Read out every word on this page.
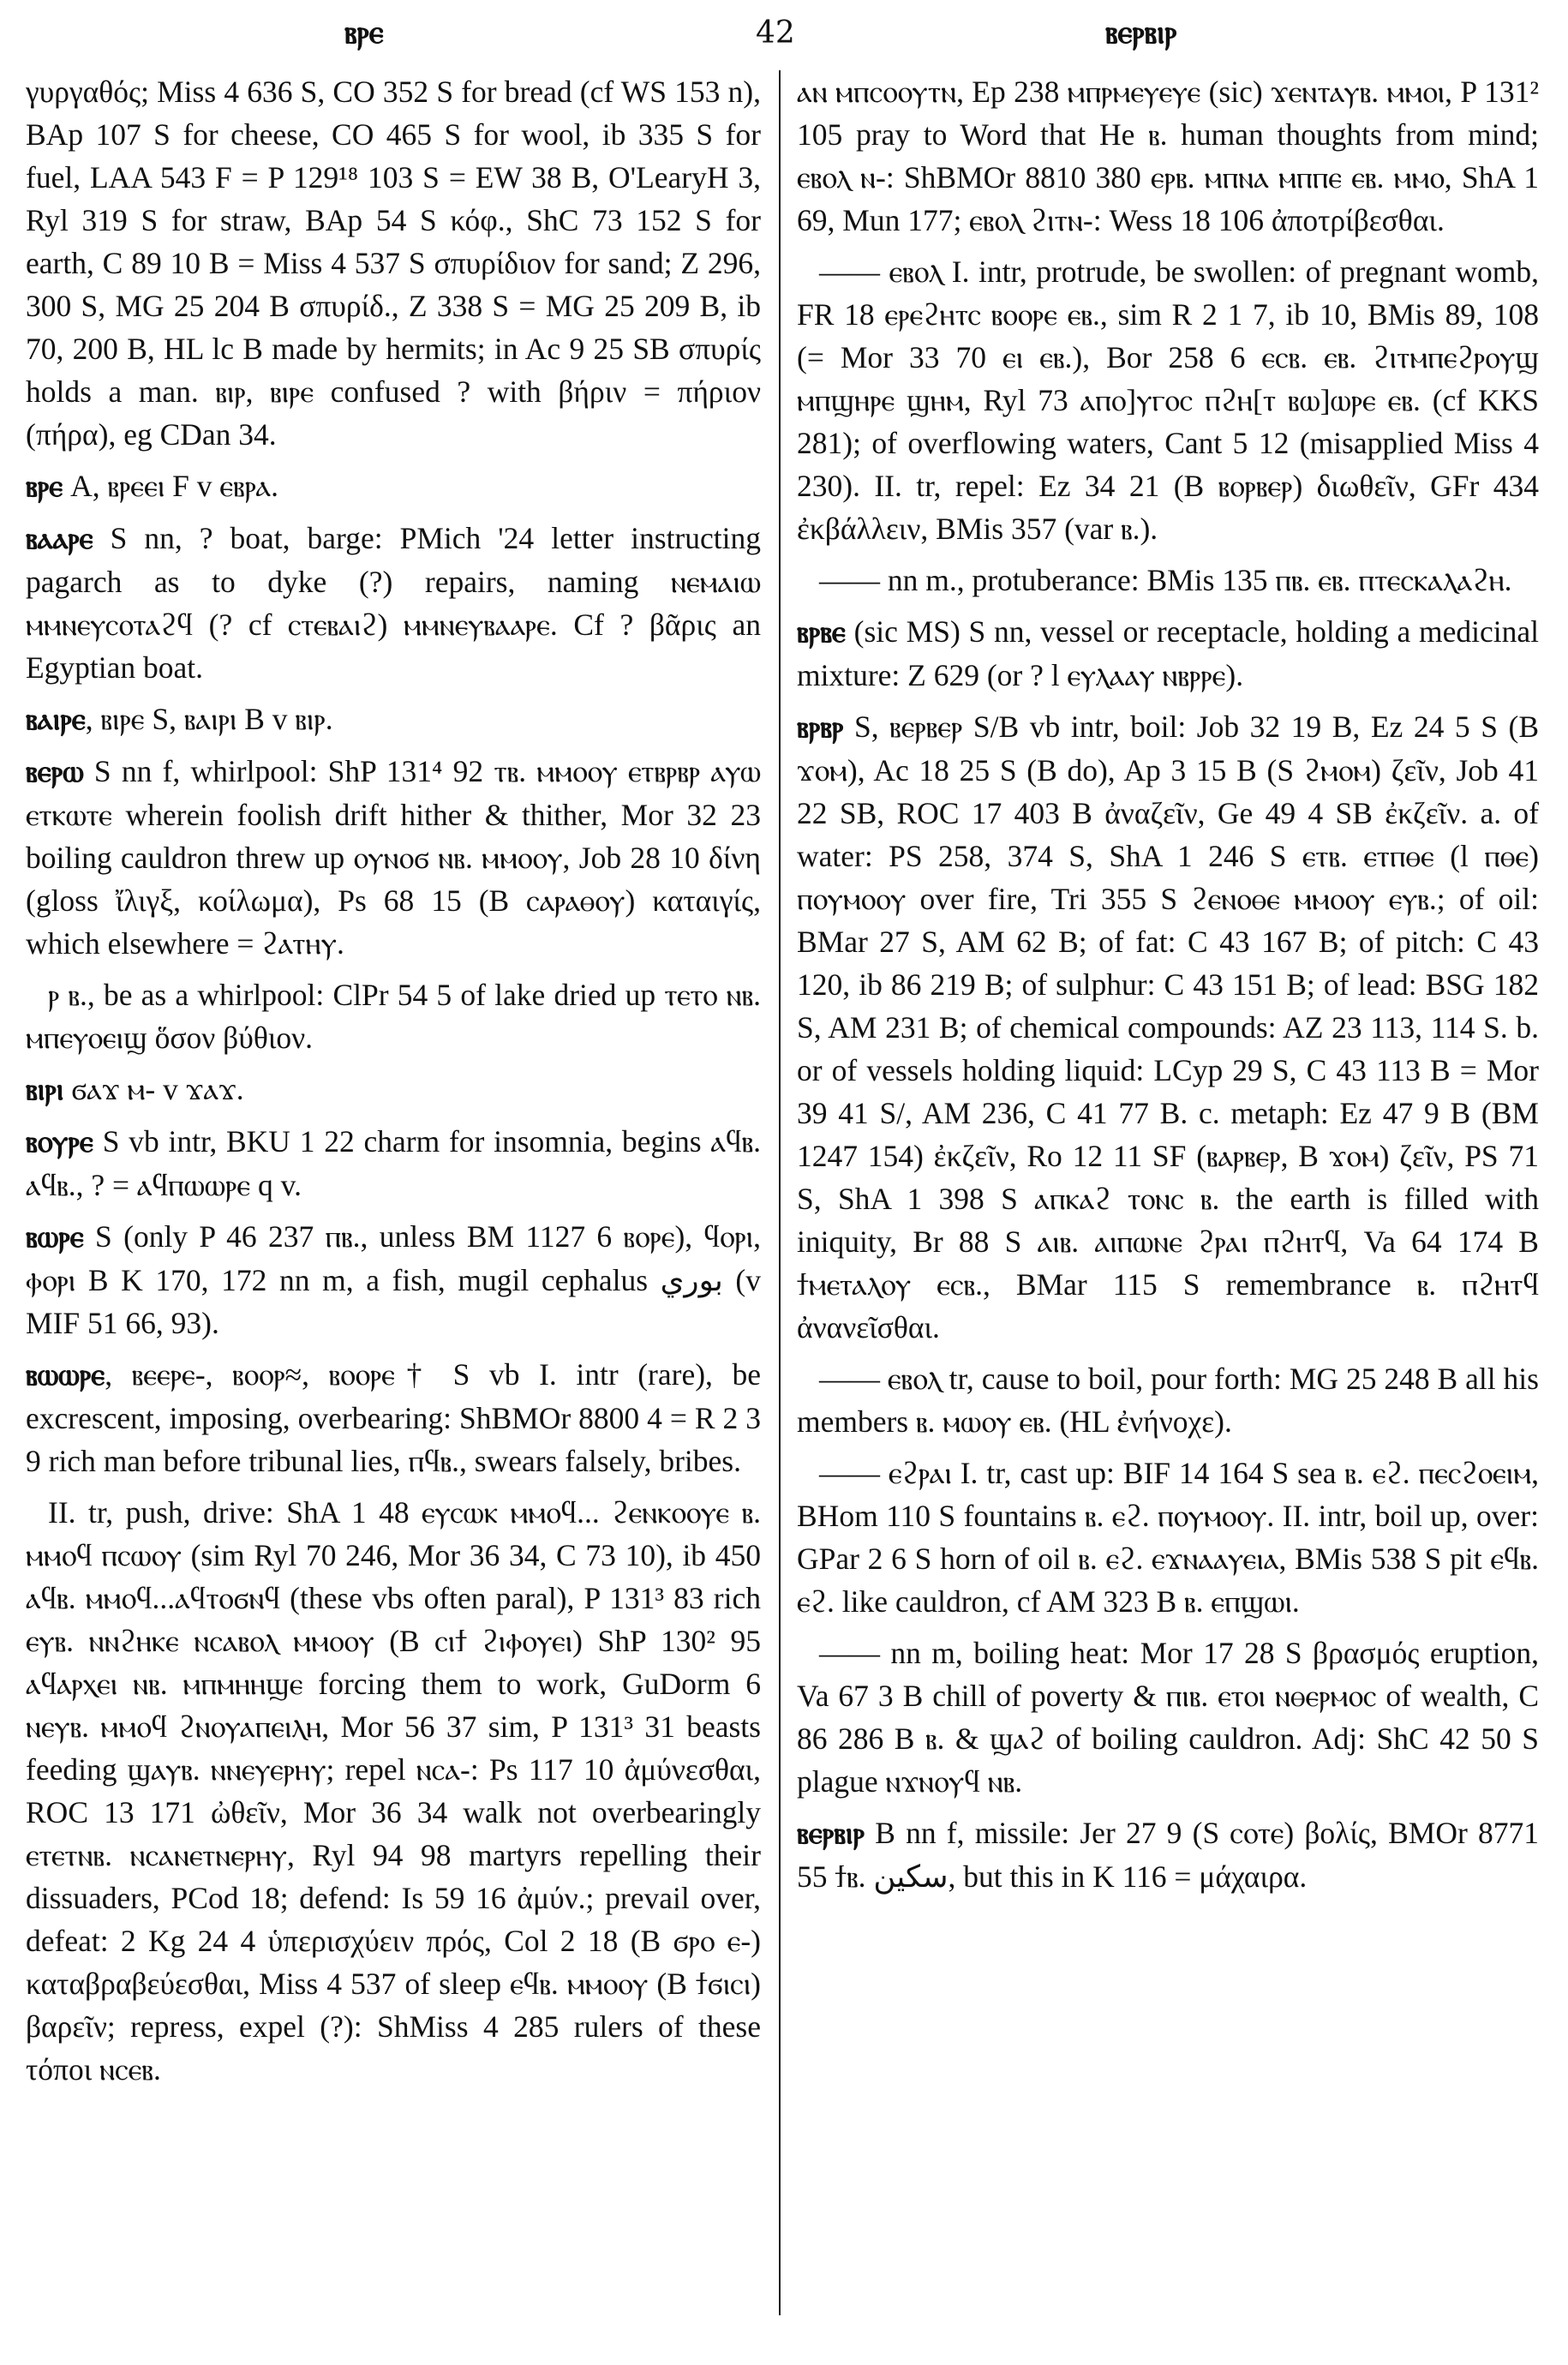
ⲃⲣⲉ	42	ⲃⲉⲣⲃⲓⲣ

γυργαθός; Miss 4 636 S, CO 352 S for bread (cf WS 153 n), BAp 107 S for cheese, CO 465 S for wool, ib 335 S for fuel, LAA 543 F = P 129¹⁸ 103 S = EW 38 B, O'LearyH 3, Ryl 319 S for straw, BAp 54 S κόφ., ShC 73 152 S for earth, C 89 10 B = Miss 4 537 S σπυρίδιον for sand; Z 296, 300 S, MG 25 204 B σπυρίδ., Z 338 S = MG 25 209 B, ib 70, 200 B, HL lc B made by hermits; in Ac 9 25 SB σπυρίς holds a man. ⲃⲓⲣ, ⲃⲓⲣⲉ confused ? with βήριν = πήριον (πήρα), eg CDan 34.

ⲃⲣⲉ A, ⲃⲣⲉⲉⲓ F v ⲉⲃⲣⲁ.

ⲃⲁⲁⲣⲉ S nn, ? boat, barge: PMich '24 letter instructing pagarch as to dyke (?) repairs, naming ⲛⲉⲙⲁⲓⲱ ⲙⲙⲛⲉⲩⲥⲟⲧⲁϩϥ (? cf ⲥⲧⲉⲃⲁⲓϩ) ⲙⲙⲛⲉⲩⲃⲁⲁⲣⲉ. Cf ? βᾶρις an Egyptian boat.

ⲃⲁⲓⲣⲉ, ⲃⲓⲣⲉ S, ⲃⲁⲓⲣⲓ B v ⲃⲓⲣ.

ⲃⲉⲣⲱ S nn f, whirlpool: ShP 131⁴ 92 ⲧⲃ. ⲙⲙⲟⲟⲩ ⲉⲧⲃⲣⲃⲣ ⲁⲩⲱ ⲉⲧⲕⲱⲧⲉ wherein foolish drift hither & thither, Mor 32 23 boiling cauldron threw up ⲟⲩⲛⲟϭ ⲛⲃ. ⲙⲙⲟⲟⲩ, Job 28 10 δίνη (gloss ἴλιγξ, κοίλωμα), Ps 68 15 (B ⲥⲁⲣⲁⲑⲟⲩ) καταιγίς, which elsewhere = ϩⲁⲧⲏⲩ.

ⲣ ⲃ., be as a whirlpool: ClPr 54 5 of lake dried up ⲧⲉⲧⲟ ⲛⲃ. ⲙⲡⲉⲩⲟⲉⲓϣ ὅσον βύθιον.

ⲃⲓⲣⲓ ϭⲁϫ ⲙ- v ϫⲁϫ.

ⲃⲟⲩⲣⲉ S vb intr, BKU 1 22 charm for insomnia, begins ⲁϥⲃ. ⲁϥⲃ., ? = ⲁϥⲡⲱⲱⲣⲉ q v.

ⲃⲱⲣⲉ S (only P 46 237 ⲡⲃ., unless BM 1127 6 ⲃⲟⲣⲉ), ϥⲟⲣⲓ, ⲫⲟⲣⲓ B K 170, 172 nn m, a fish, mugil cephalus بوري (v MIF 51 66, 93).

ⲃⲱⲱⲣⲉ, ⲃⲉⲉⲣⲉ-, ⲃⲟⲟⲣ≈, ⲃⲟⲟⲣⲉ† S vb I. intr (rare), be excrescent, imposing, overbearing: ShBMOr 8800 4 = R 2 3 9 rich man before tribunal lies, ⲡϥⲃ., swears falsely, bribes.

II. tr, push, drive: ShA 1 48 ⲉⲩⲥⲱⲕ ⲙⲙⲟϥ... ϩⲉⲛⲕⲟⲟⲩⲉ ⲃ. ⲙⲙⲟϥ ⲡⲥⲱⲟⲩ (sim Ryl 70 246, Mor 36 34, C 73 10), ib 450 ⲁϥⲃ. ⲙⲙⲟϥ...ⲁϥⲧⲟϭⲛϥ (these vbs often paral), P 131³ 83 rich ⲉⲩⲃ. ⲛⲛϩⲏⲕⲉ ⲛⲥⲁⲃⲟⲗ ⲙⲙⲟⲟⲩ (B ⲥⲓϯ ϩⲓⲫⲟⲩⲉⲓ) ShP 130² 95 ⲁϥⲁⲣⲭⲉⲓ ⲛⲃ. ⲙⲡⲙⲏⲏϣⲉ forcing them to work, GuDorm 6 ⲛⲉⲩⲃ. ⲙⲙⲟϥ ϩⲛⲟⲩⲁⲡⲉⲓⲗⲏ, Mor 56 37 sim, P 131³ 31 beasts feeding ϣⲁⲩⲃ. ⲛⲛⲉⲩⲉⲣⲏⲩ; repel ⲛⲥⲁ-: Ps 117 10 ἀμύνεσθαι, ROC 13 171 ὠθεῖν, Mor 36 34 walk not overbearingly ⲉⲧⲉⲧⲛⲃ. ⲛⲥⲁⲛⲉⲧⲛⲉⲣⲏⲩ, Ryl 94 98 martyrs repelling their dissuaders, PCod 18; defend: Is 59 16 ἀμύν.; prevail over, defeat: 2 Kg 24 4 ὑπερισχύειν πρός, Col 2 18 (B ϭⲣⲟ ⲉ-) καταβραβεύεσθαι, Miss 4 537 of sleep ⲉϥⲃ. ⲙⲙⲟⲟⲩ (B ϯϭⲓⲥⲓ) βαρεῖν; repress, expel (?): ShMiss 4 285 rulers of these τόποι ⲛⲥⲉⲃ.

ⲁⲛ ⲙⲡⲥⲟⲟⲩⲧⲛ, Ep 238 ⲙⲡⲣⲙⲉⲩⲉⲩⲉ (sic) ϫⲉⲛⲧⲁⲩⲃ. ⲙⲙⲟⲓ, P 131² 105 pray to Word that He ⲃ. human thoughts from mind; ⲉⲃⲟⲗ ⲛ-: ShBMOr 8810 380 ⲉⲣⲃ. ⲙⲡⲛⲁ ⲙⲡⲡⲉ ⲉⲃ. ⲙⲙⲟ, ShA 1 69, Mun 177; ⲉⲃⲟⲗ ϩⲓⲧⲛ-: Wess 18 106 ἀποτρίβεσθαι.

—— ⲉⲃⲟⲗ I. intr, protrude, be swollen: of pregnant womb, FR 18 ⲉⲣⲉϩⲏⲧⲥ ⲃⲟⲟⲣⲉ ⲉⲃ., sim R 2 1 7, ib 10, BMis 89, 108 (= Mor 33 70 ⲉⲓ ⲉⲃ.), Bor 258 6 ⲉⲥⲃ. ⲉⲃ. ϩⲓⲧⲙⲡⲉϩⲣⲟⲩϣ ⲙⲡϣⲏⲣⲉ ϣⲏⲙ, Ryl 73 ⲁⲡⲟ]ⲩⲅⲟⲥ ⲡϩⲏ[ⲧ ⲃⲱ]ⲱⲣⲉ ⲉⲃ. (cf KKS 281); of overflowing waters, Cant 5 12 (misapplied Miss 4 230). II. tr, repel: Ez 34 21 (B ⲃⲟⲣⲃⲉⲣ) διωθεῖν, GFr 434 ἐκβάλλειν, BMis 357 (var ⲃ.).

—— nn m., protuberance: BMis 135 ⲡⲃ. ⲉⲃ. ⲡⲧⲉⲥⲕⲁⲗⲁϩⲏ.

ⲃⲣⲃⲉ (sic MS) S nn, vessel or receptacle, holding a medicinal mixture: Z 629 (or ? l ⲉⲩⲗⲁⲁⲩ ⲛⲃⲣⲣⲉ).

ⲃⲣⲃⲣ S, ⲃⲉⲣⲃⲉⲣ S/B vb intr, boil: Job 32 19 B, Ez 24 5 S (B ϫⲟⲙ), Ac 18 25 S (B do), Ap 3 15 B (S ϩⲙⲟⲙ) ζεῖν, Job 41 22 SB, ROC 17 403 B ἀναζεῖν, Ge 49 4 SB ἐκζεῖν. a. of water: PS 258, 374 S, ShA 1 246 S ⲉⲧⲃ. ⲉⲧⲡⲑⲉ (l ⲡⲑⲉ) ⲡⲟⲩⲙⲟⲟⲩ over fire, Tri 355 S ϩⲉⲛⲟⲑⲉ ⲙⲙⲟⲟⲩ ⲉⲩⲃ.; of oil: BMar 27 S, AM 62 B; of fat: C 43 167 B; of pitch: C 43 120, ib 86 219 B; of sulphur: C 43 151 B; of lead: BSG 182 S, AM 231 B; of chemical compounds: AZ 23 113, 114 S. b. or of vessels holding liquid: LCyp 29 S, C 43 113 B = Mor 39 41 S/, AM 236, C 41 77 B. c. metaph: Ez 47 9 B (BM 1247 154) ἐκζεῖν, Ro 12 11 SF (ⲃⲁⲣⲃⲉⲣ, B ϫⲟⲙ) ζεῖν, PS 71 S, ShA 1 398 S ⲁⲡⲕⲁϩ ⲧⲟⲛⲥ ⲃ. the earth is filled with iniquity, Br 88 S ⲁⲓⲃ. ⲁⲓⲡⲱⲛⲉ ϩⲣⲁⲓ ⲡϩⲏⲧϥ, Va 64 174 B ϯⲙⲉⲧⲁⲗⲟⲩ ⲉⲥⲃ., BMar 115 S remembrance ⲃ. ⲡϩⲏⲧϥ ἀνανεῖσθαι.

—— ⲉⲃⲟⲗ tr, cause to boil, pour forth: MG 25 248 B all his members ⲃ. ⲙⲱⲟⲩ ⲉⲃ. (HL ἐνήνοχε).

—— ⲉϩⲣⲁⲓ I. tr, cast up: BIF 14 164 S sea ⲃ. ⲉϩ. ⲡⲉⲥϩⲟⲉⲓⲙ, BHom 110 S fountains ⲃ. ⲉϩ. ⲡⲟⲩⲙⲟⲟⲩ. II. intr, boil up, over: GPar 2 6 S horn of oil ⲃ. ⲉϩ. ⲉϫⲛⲁⲁⲩⲉⲓⲁ, BMis 538 S pit ⲉϥⲃ. ⲉϩ. like cauldron, cf AM 323 B ⲃ. ⲉⲡϣⲱⲓ.

—— nn m, boiling heat: Mor 17 28 S βρασμός eruption, Va 67 3 B chill of poverty & ⲡⲓⲃ. ⲉⲧⲟⲓ ⲛⲑⲉⲣⲙⲟⲥ of wealth, C 86 286 B ⲃ. & ϣⲁϩ of boiling cauldron. Adj: ShC 42 50 S plague ⲛϫⲛⲟⲩϥ ⲛⲃ.

ⲃⲉⲣⲃⲓⲣ B nn f, missile: Jer 27 9 (S ⲥⲟⲧⲉ) βολίς, BMOr 8771 55 ϯⲃ. سكين, but this in K 116 = μάχαιρα.
